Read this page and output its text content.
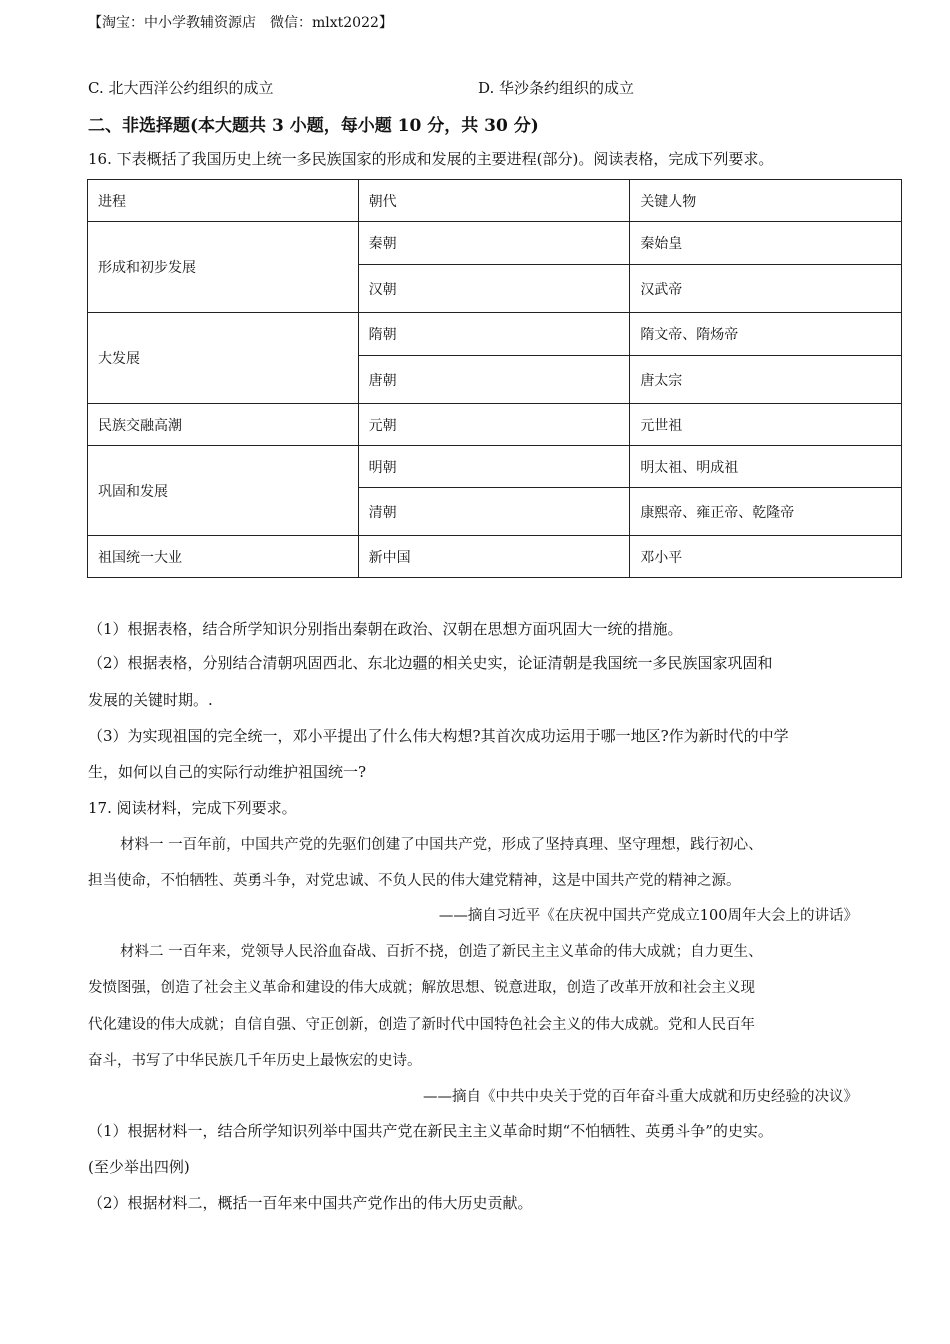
【淘宝：中小学教辅资源店　微信：mlxt2022】
C. 北大西洋公约组织的成立	D. 华沙条约组织的成立
二、非选择题(本大题共 3 小题，每小题 10 分，共 30 分)
16. 下表概括了我国历史上统一多民族国家的形成和发展的主要进程(部分)。阅读表格，完成下列要求。
进程	朝代	关键人物
形成和初步发展	秦朝	秦始皇
	汉朝	汉武帝
大发展	隋朝	隋文帝、隋炀帝
	唐朝	唐太宗
民族交融高潮	元朝	元世祖
巩固和发展	明朝	明太祖、明成祖
	清朝	康熙帝、雍正帝、乾隆帝
祖国统一大业	新中国	邓小平
（1）根据表格，结合所学知识分别指出秦朝在政治、汉朝在思想方面巩固大一统的措施。
（2）根据表格，分别结合清朝巩固西北、东北边疆的相关史实，论证清朝是我国统一多民族国家巩固和
发展的关键时期。.
（3）为实现祖国的完全统一，邓小平提出了什么伟大构想?其首次成功运用于哪一地区?作为新时代的中学
生，如何以自己的实际行动维护祖国统一?
17. 阅读材料，完成下列要求。
材料一 一百年前，中国共产党的先驱们创建了中国共产党，形成了坚持真理、坚守理想，践行初心、
担当使命，不怕牺牲、英勇斗争，对党忠诚、不负人民的伟大建党精神，这是中国共产党的精神之源。
——摘自习近平《在庆祝中国共产党成立100周年大会上的讲话》
材料二 一百年来，党领导人民浴血奋战、百折不挠，创造了新民主主义革命的伟大成就；自力更生、
发愤图强，创造了社会主义革命和建设的伟大成就；解放思想、锐意进取，创造了改革开放和社会主义现
代化建设的伟大成就；自信自强、守正创新，创造了新时代中国特色社会主义的伟大成就。党和人民百年
奋斗，书写了中华民族几千年历史上最恢宏的史诗。
——摘自《中共中央关于党的百年奋斗重大成就和历史经验的决议》
（1）根据材料一，结合所学知识列举中国共产党在新民主主义革命时期“不怕牺牲、英勇斗争”的史实。
(至少举出四例)
（2）根据材料二，概括一百年来中国共产党作出的伟大历史贡献。
